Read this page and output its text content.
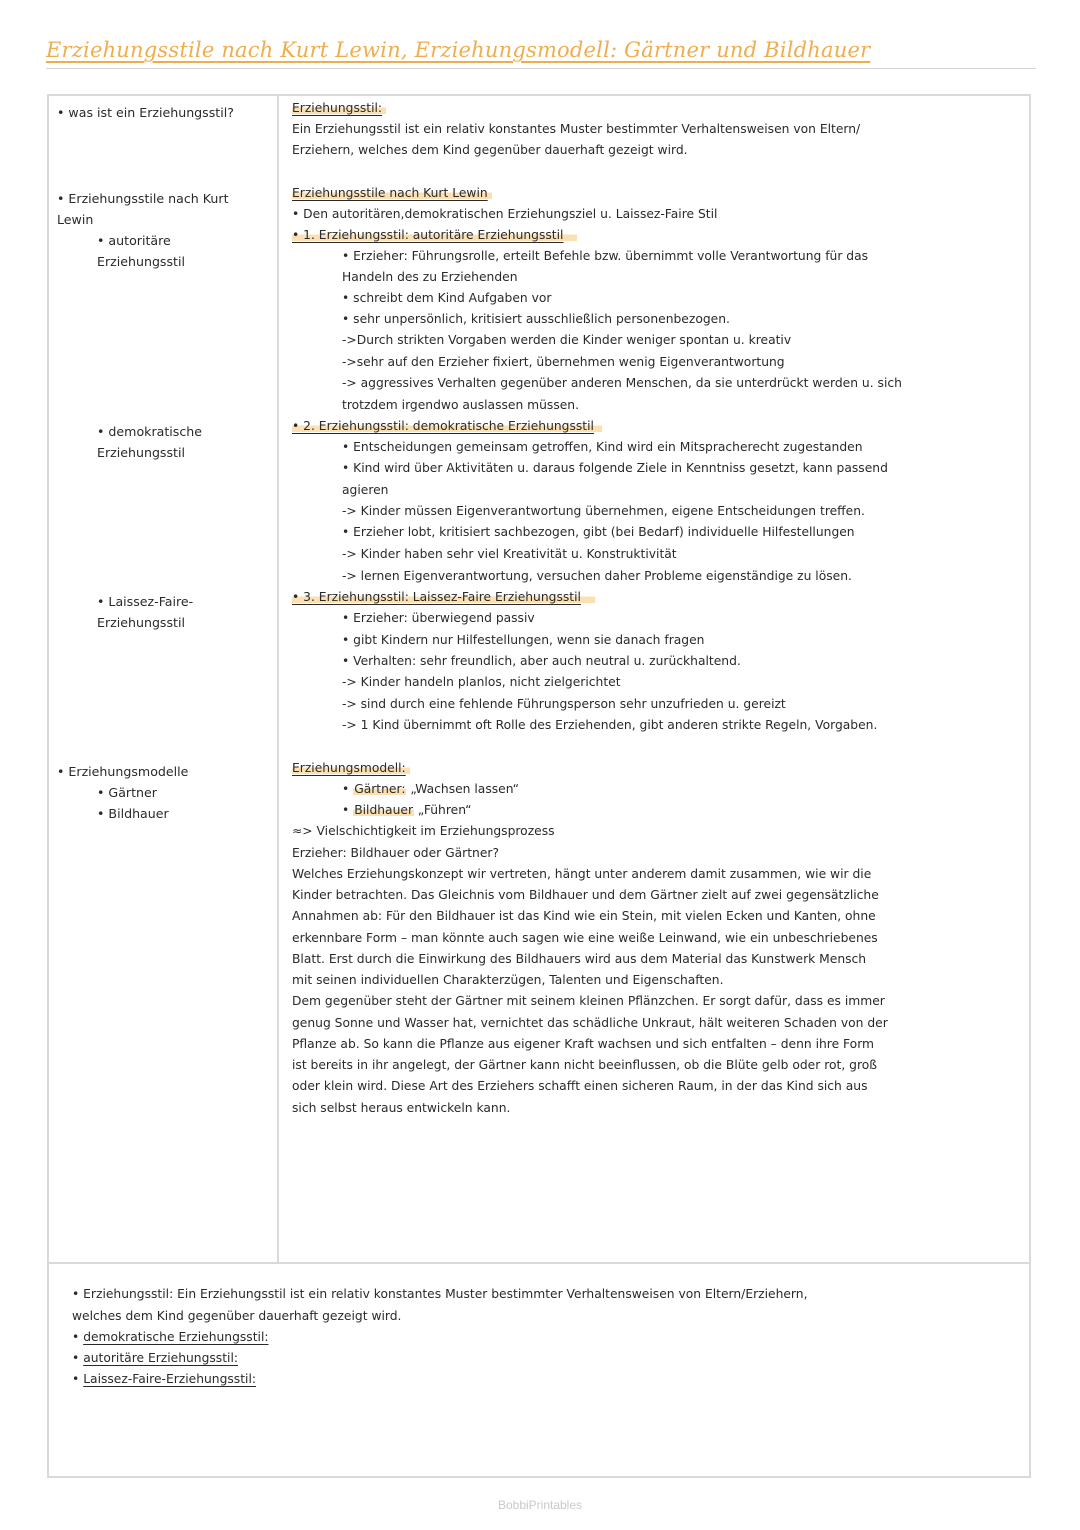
Erziehungsstile nach Kurt Lewin, Erziehungsmodell: Gärtner und Bildhauer
• was ist ein Erziehungsstil?
• Erziehungsstile nach Kurt
Lewin
• autoritäre
Erziehungsstil
• demokratische
Erziehungsstil
• Laissez-Faire-
Erziehungsstil
• Erziehungsmodelle
• Gärtner
• Bildhauer
Erziehungsstil:
Ein Erziehungsstil ist ein relativ konstantes Muster bestimmter Verhaltensweisen von Eltern/
Erziehern, welches dem Kind gegenüber dauerhaft gezeigt wird.
Erziehungsstile nach Kurt Lewin
• Den autoritären,demokratischen Erziehungsziel u. Laissez-Faire Stil
• 1. Erziehungsstil: autoritäre Erziehungsstil
• Erzieher: Führungsrolle, erteilt Befehle bzw. übernimmt volle Verantwortung für das
Handeln des zu Erziehenden
• schreibt dem Kind Aufgaben vor
• sehr unpersönlich, kritisiert ausschließlich personenbezogen.
->Durch strikten Vorgaben werden die Kinder weniger spontan u. kreativ
->sehr auf den Erzieher fixiert, übernehmen wenig Eigenverantwortung
-> aggressives Verhalten gegenüber anderen Menschen, da sie unterdrückt werden u. sich
trotzdem irgendwo auslassen müssen.
• 2. Erziehungsstil: demokratische Erziehungsstil
• Entscheidungen gemeinsam getroffen, Kind wird ein Mitspracherecht zugestanden
• Kind wird über Aktivitäten u. daraus folgende Ziele in Kenntniss gesetzt, kann passend
agieren
-> Kinder müssen Eigenverantwortung übernehmen, eigene Entscheidungen treffen.
• Erzieher lobt, kritisiert sachbezogen, gibt (bei Bedarf) individuelle Hilfestellungen
-> Kinder haben sehr viel Kreativität u. Konstruktivität
-> lernen Eigenverantwortung, versuchen daher Probleme eigenständige zu lösen.
• 3. Erziehungsstil: Laissez-Faire Erziehungsstil
• Erzieher: überwiegend passiv
• gibt Kindern nur Hilfestellungen, wenn sie danach fragen
• Verhalten: sehr freundlich, aber auch neutral u. zurückhaltend.
-> Kinder handeln planlos, nicht zielgerichtet
-> sind durch eine fehlende Führungsperson sehr unzufrieden u. gereizt
-> 1 Kind übernimmt oft Rolle des Erziehenden, gibt anderen strikte Regeln, Vorgaben.
Erziehungsmodell:
• Gärtner: „Wachsen lassen“
• Bildhauer „Führen“
≈> Vielschichtigkeit im Erziehungsprozess
Erzieher: Bildhauer oder Gärtner?
Welches Erziehungskonzept wir vertreten, hängt unter anderem damit zusammen, wie wir die
Kinder betrachten. Das Gleichnis vom Bildhauer und dem Gärtner zielt auf zwei gegensätzliche
Annahmen ab: Für den Bildhauer ist das Kind wie ein Stein, mit vielen Ecken und Kanten, ohne
erkennbare Form – man könnte auch sagen wie eine weiße Leinwand, wie ein unbeschriebenes
Blatt. Erst durch die Einwirkung des Bildhauers wird aus dem Material das Kunstwerk Mensch
mit seinen individuellen Charakterzügen, Talenten und Eigenschaften.
Dem gegenüber steht der Gärtner mit seinem kleinen Pflänzchen. Er sorgt dafür, dass es immer
genug Sonne und Wasser hat, vernichtet das schädliche Unkraut, hält weiteren Schaden von der
Pflanze ab. So kann die Pflanze aus eigener Kraft wachsen und sich entfalten – denn ihre Form
ist bereits in ihr angelegt, der Gärtner kann nicht beeinflussen, ob die Blüte gelb oder rot, groß
oder klein wird. Diese Art des Erziehers schafft einen sicheren Raum, in der das Kind sich aus
sich selbst heraus entwickeln kann.
• Erziehungsstil: Ein Erziehungsstil ist ein relativ konstantes Muster bestimmter Verhaltensweisen von Eltern/Erziehern,
welches dem Kind gegenüber dauerhaft gezeigt wird.
• demokratische Erziehungsstil:
• autoritäre Erziehungsstil:
• Laissez-Faire-Erziehungsstil:
BobbiPrintables
